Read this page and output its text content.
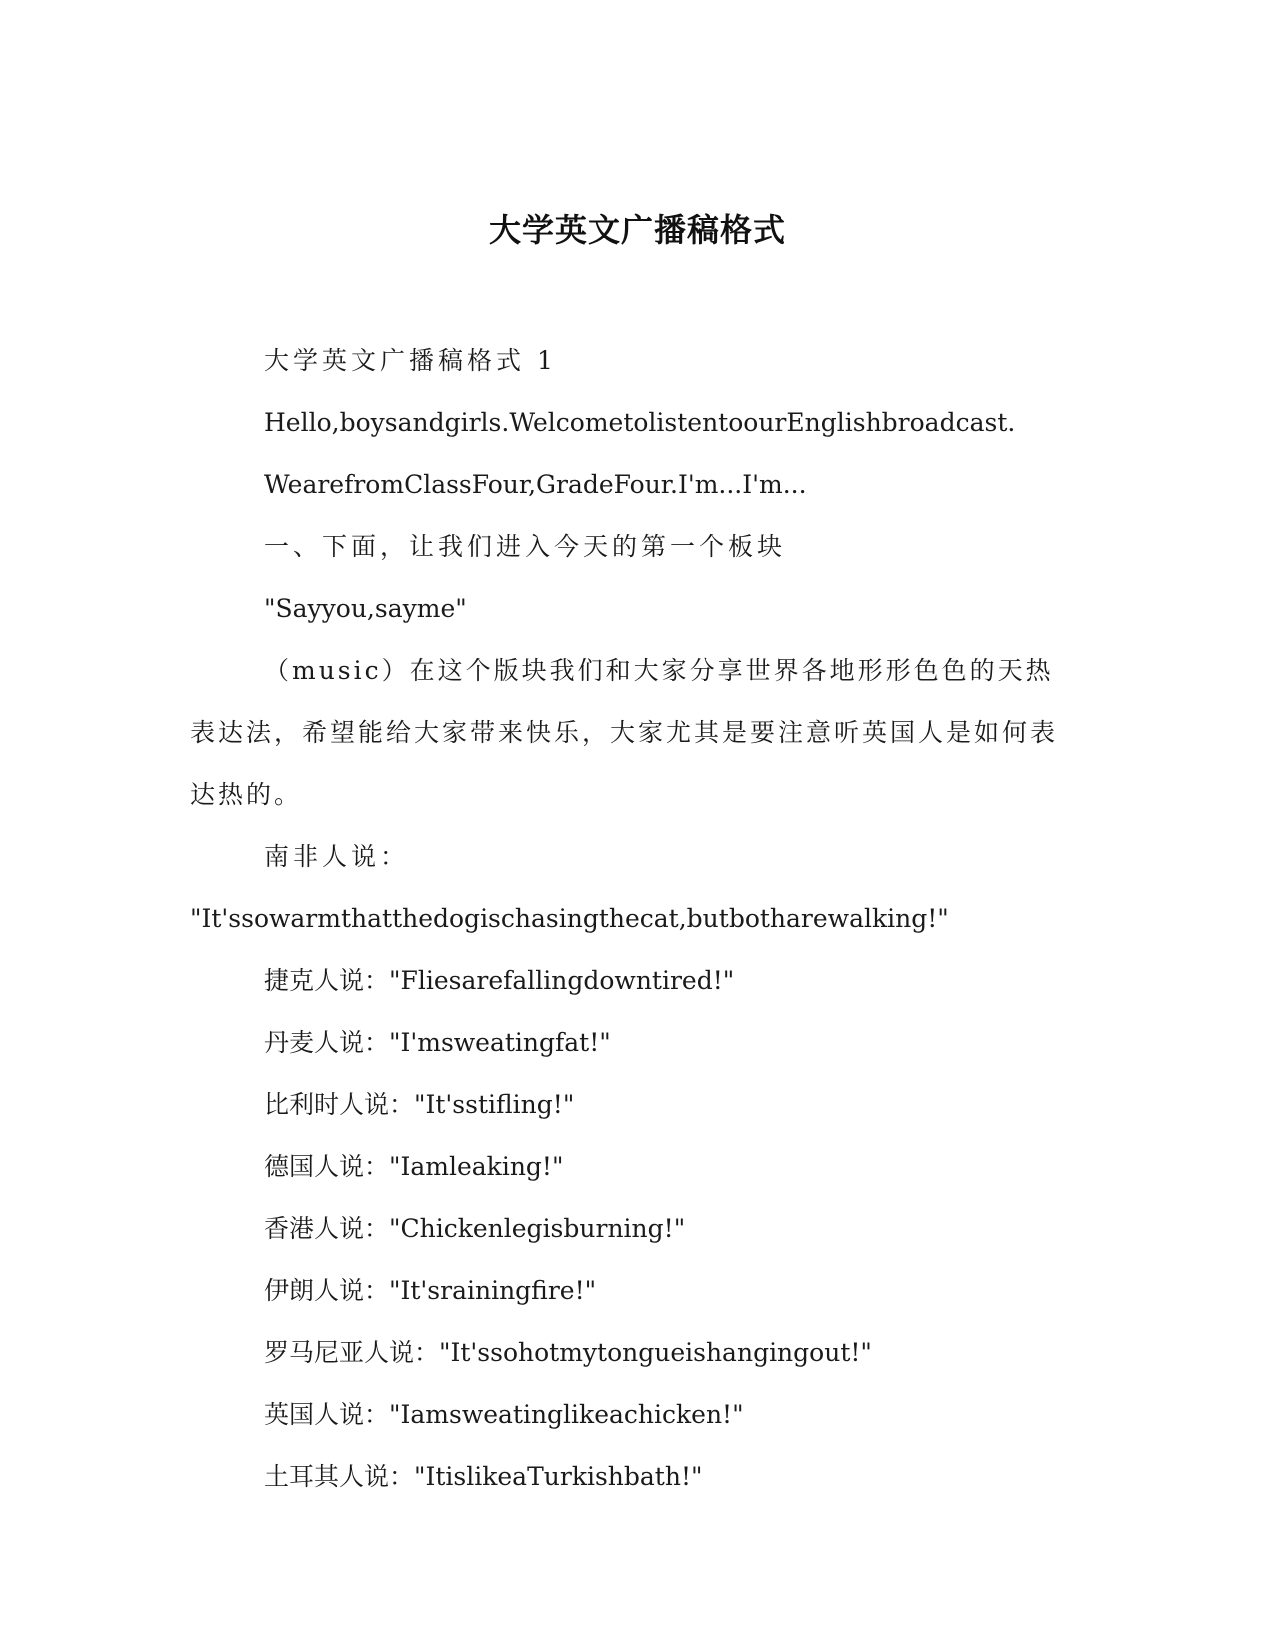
大学英文广播稿格式

大学英文广播稿格式 1

Hello,boysandgirls.WelcometolistentoourEnglishbroadcast.

WearefromClassFour,GradeFour.I'm...I'm...

一、下面，让我们进入今天的第一个板块

"Sayyou,sayme"

（music）在这个版块我们和大家分享世界各地形形色色的天热表达法，希望能给大家带来快乐，大家尤其是要注意听英国人是如何表达热的。

南非人说：

"It'ssowarmthatthedogischasingthecat,butbotharewalking!"

捷克人说："Fliesarefallingdowntired!"

丹麦人说："I'msweatingfat!"

比利时人说："It'sstifling!"

德国人说："Iamleaking!"

香港人说："Chickenlegisburning!"

伊朗人说："It'srainingfire!"

罗马尼亚人说："It'ssohotmytongueishangingout!"

英国人说："Iamsweatinglikeachicken!"

土耳其人说："ItislikeaTurkishbath!"
